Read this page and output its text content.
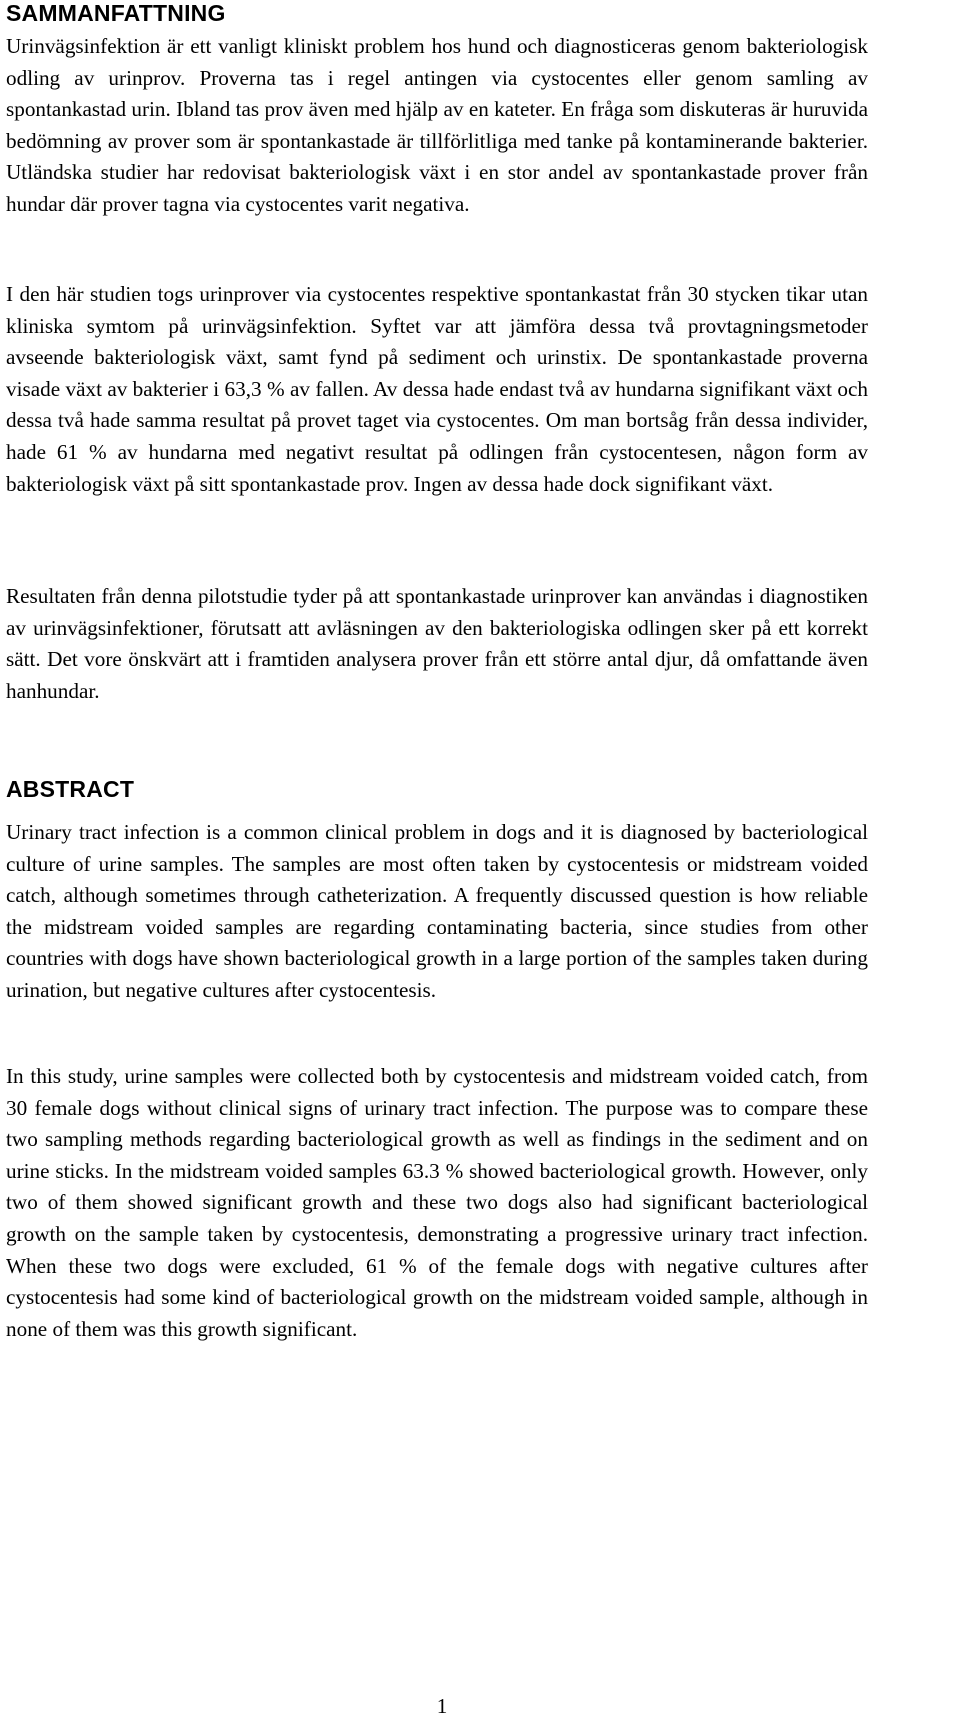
SAMMANFATTNING

Urinvägsinfektion är ett vanligt kliniskt problem hos hund och diagnosticeras genom bakteriologisk odling av urinprov. Proverna tas i regel antingen via cystocentes eller genom samling av spontankastad urin. Ibland tas prov även med hjälp av en kateter. En fråga som diskuteras är huruvida bedömning av prover som är spontankastade är tillförlitliga med tanke på kontaminerande bakterier. Utländska studier har redovisat bakteriologisk växt i en stor andel av spontankastade prover från hundar där prover tagna via cystocentes varit negativa.

I den här studien togs urinprover via cystocentes respektive spontankastat från 30 stycken tikar utan kliniska symtom på urinvägsinfektion. Syftet var att jämföra dessa två provtagningsmetoder avseende bakteriologisk växt, samt fynd på sediment och urinstix. De spontankastade proverna visade växt av bakterier i 63,3 % av fallen. Av dessa hade endast två av hundarna signifikant växt och dessa två hade samma resultat på provet taget via cystocentes. Om man bortsåg från dessa individer, hade 61 % av hundarna med negativt resultat på odlingen från cystocentesen, någon form av bakteriologisk växt på sitt spontankastade prov. Ingen av dessa hade dock signifikant växt.

Resultaten från denna pilotstudie tyder på att spontankastade urinprover kan användas i diagnostiken av urinvägsinfektioner, förutsatt att avläsningen av den bakteriologiska odlingen sker på ett korrekt sätt. Det vore önskvärt att i framtiden analysera prover från ett större antal djur, då omfattande även hanhundar.

ABSTRACT

Urinary tract infection is a common clinical problem in dogs and it is diagnosed by bacteriological culture of urine samples. The samples are most often taken by cystocentesis or midstream voided catch, although sometimes through catheterization. A frequently discussed question is how reliable the midstream voided samples are regarding contaminating bacteria, since studies from other countries with dogs have shown bacteriological growth in a large portion of the samples taken during urination, but negative cultures after cystocentesis.

In this study, urine samples were collected both by cystocentesis and midstream voided catch, from 30 female dogs without clinical signs of urinary tract infection. The purpose was to compare these two sampling methods regarding bacteriological growth as well as findings in the sediment and on urine sticks. In the midstream voided samples 63.3 % showed bacteriological growth. However, only two of them showed significant growth and these two dogs also had significant bacteriological growth on the sample taken by cystocentesis, demonstrating a progressive urinary tract infection. When these two dogs were excluded, 61 % of the female dogs with negative cultures after cystocentesis had some kind of bacteriological growth on the midstream voided sample, although in none of them was this growth significant.

1
